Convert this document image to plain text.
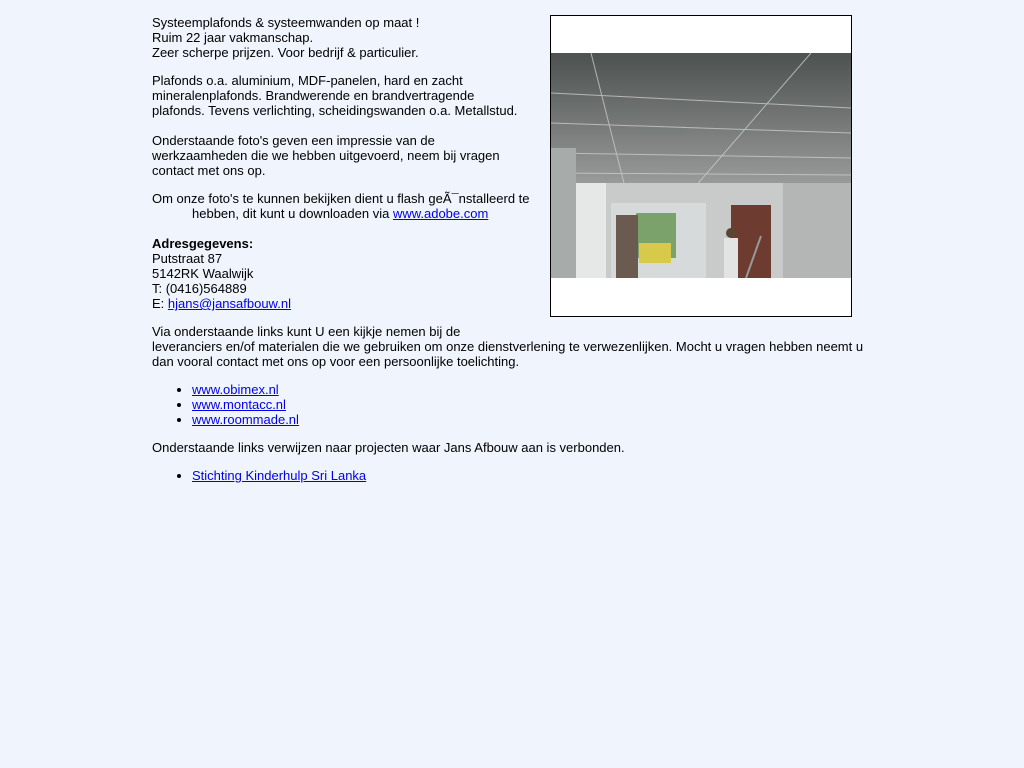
Systeemplafonds & systeemwanden op maat !
Ruim 22 jaar vakmanschap.
Zeer scherpe prijzen. Voor bedrijf & particulier.

Plafonds o.a. aluminium, MDF-panelen, hard en zacht mineralenplafonds. Brandwerende en brandvertragende plafonds. Tevens verlichting, scheidingswanden o.a. Metallstud.

Onderstaande foto's geven een impressie van de werkzaamheden die we hebben uitgevoerd, neem bij vragen contact met ons op.

Om onze foto's te kunnen bekijken dient u flash geÃ¯nstalleerd te hebben, dit kunt u downloaden via www.adobe.com

Adresgegevens:
Putstraat 87
5142RK Waalwijk
T: (0416)564889
E: hjans@jansafbouw.nl

Via onderstaande links kunt U een kijkje nemen bij de
leveranciers en/of materialen die we gebruiken om onze dienstverlening te verwezenlijken. Mocht u vragen hebben neemt u dan vooral contact met ons op voor een persoonlijke toelichting.

• www.obimex.nl
• www.montacc.nl
• www.roommade.nl

Onderstaande links verwijzen naar projecten waar Jans Afbouw aan is verbonden.

• Stichting Kinderhulp Sri Lanka
